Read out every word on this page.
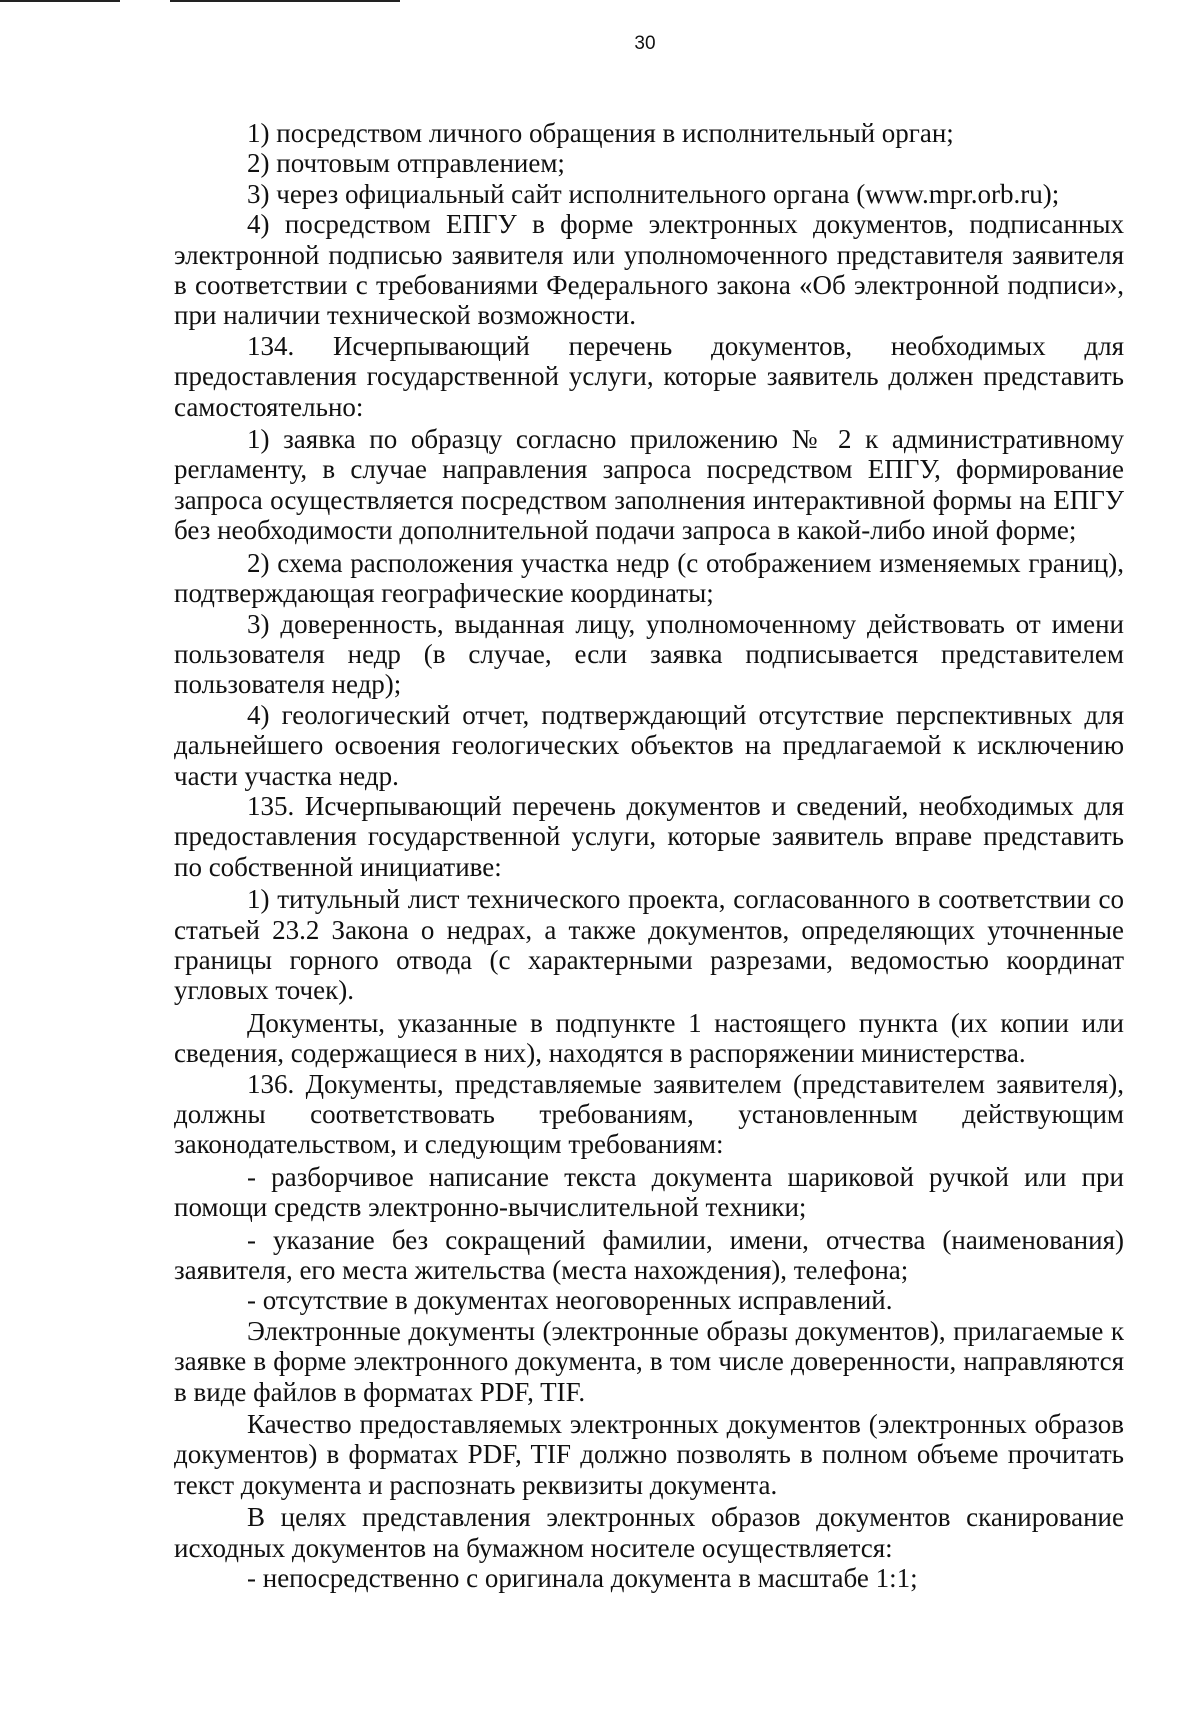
30

1) посредством личного обращения в исполнительный орган;

2) почтовым отправлением;

3) через официальный сайт исполнительного органа (www.mpr.orb.ru);

4) посредством ЕПГУ в форме электронных документов, подписанных электронной подписью заявителя или уполномоченного представителя заявителя в соответствии с требованиями Федерального закона «Об электронной подписи», при наличии технической возможности.

134. Исчерпывающий перечень документов, необходимых для предоставления государственной услуги, которые заявитель должен представить самостоятельно:

1) заявка по образцу согласно приложению № 2 к административному регламенту, в случае направления запроса посредством ЕПГУ, формирование запроса осуществляется посредством заполнения интерактивной формы на ЕПГУ без необходимости дополнительной подачи запроса в какой-либо иной форме;

2) схема расположения участка недр (с отображением изменяемых границ), подтверждающая географические координаты;

3) доверенность, выданная лицу, уполномоченному действовать от имени пользователя недр (в случае, если заявка подписывается представителем пользователя недр);

4) геологический отчет, подтверждающий отсутствие перспективных для дальнейшего освоения геологических объектов на предлагаемой к исключению части участка недр.

135. Исчерпывающий перечень документов и сведений, необходимых для предоставления государственной услуги, которые заявитель вправе представить по собственной инициативе:

1) титульный лист технического проекта, согласованного в соответствии со статьей 23.2 Закона о недрах, а также документов, определяющих уточненные границы горного отвода (с характерными разрезами, ведомостью координат угловых точек).

Документы, указанные в подпункте 1 настоящего пункта (их копии или сведения, содержащиеся в них), находятся в распоряжении министерства.

136. Документы, представляемые заявителем (представителем заявителя), должны соответствовать требованиям, установленным действующим законодательством, и следующим требованиям:

- разборчивое написание текста документа шариковой ручкой или при помощи средств электронно-вычислительной техники;

- указание без сокращений фамилии, имени, отчества (наименования) заявителя, его места жительства (места нахождения), телефона;

- отсутствие в документах неоговоренных исправлений.

Электронные документы (электронные образы документов), прилагаемые к заявке в форме электронного документа, в том числе доверенности, направляются в виде файлов в форматах PDF, TIF.

Качество предоставляемых электронных документов (электронных образов документов) в форматах PDF, TIF должно позволять в полном объеме прочитать текст документа и распознать реквизиты документа.

В целях представления электронных образов документов сканирование исходных документов на бумажном носителе осуществляется:

- непосредственно с оригинала документа в масштабе 1:1;
